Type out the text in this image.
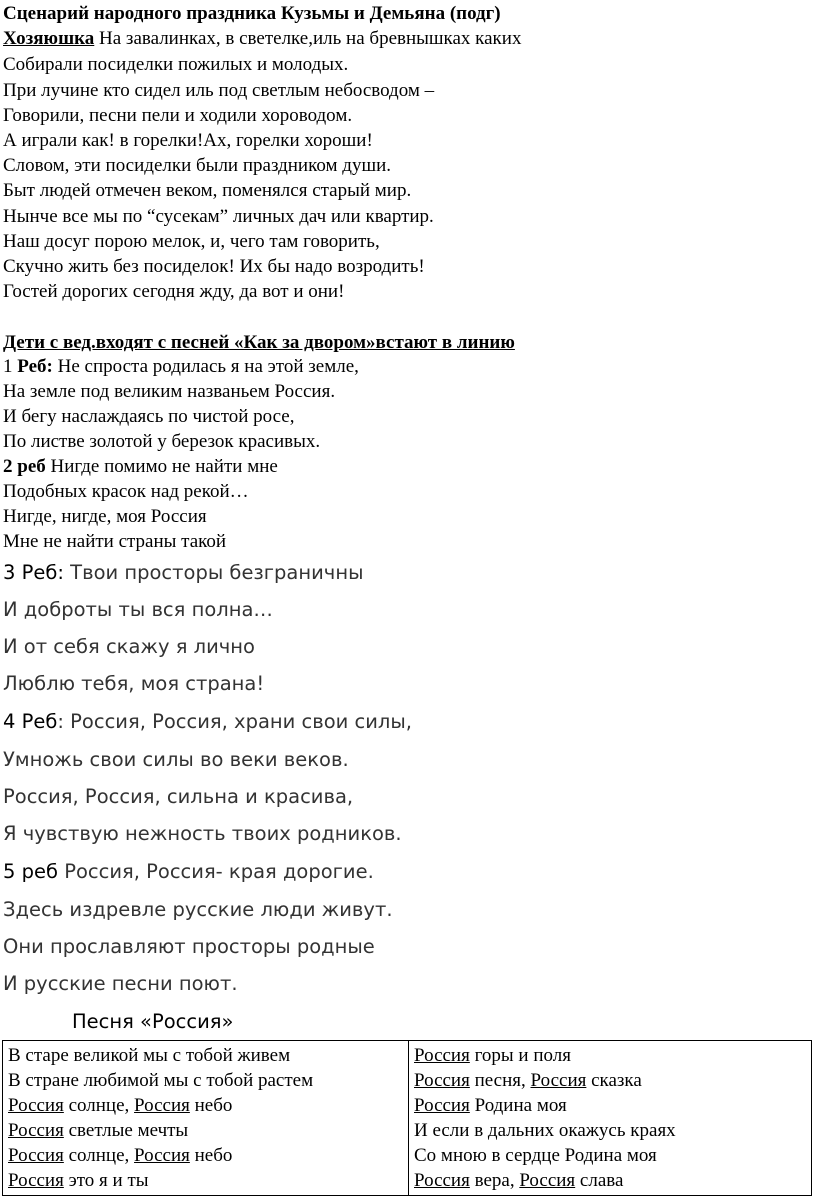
Сценарий народного праздника Кузьмы и Демьяна (подг)
Хозяюшка На завалинках, в светелке,иль на бревнышках каких
Собирали посиделки пожилых и молодых.
При лучине кто сидел иль под светлым небосводом –
Говорили, песни пели и ходили хороводом.
А играли как! в горелки!Ах, горелки хороши!
Словом, эти посиделки были праздником души.
Быт людей отмечен веком, поменялся старый мир.
Нынче все мы по “сусекам” личных дач или квартир.
Наш досуг порою мелок, и, чего там говорить,
Скучно жить без посиделок! Их бы надо возродить!
Гостей дорогих сегодня жду, да вот и они!
Дети с вед.входят с песней «Как за двором»встают в линию
1 Реб: Не спроста родилась я на этой земле,
На земле под великим названьем Россия.
И бегу наслаждаясь по чистой росе,
По листве золотой у березок красивых.
2 реб Нигде помимо не найти мне
Подобных красок над рекой…
Нигде, нигде, моя Россия
Мне не найти страны такой
3 Реб: Твои просторы безграничны
И доброты ты вся полна…
И от себя скажу я лично
Люблю тебя, моя страна!
4 Реб: Россия, Россия, храни свои силы,
Умножь свои силы во веки веков.
Россия, Россия, сильна и красива,
Я чувствую нежность твоих родников.
5 реб Россия, Россия- края дорогие.
Здесь издревле русские люди живут.
Они прославляют просторы родные
И русские песни поют.
Песня «Россия»
В старе великой мы с тобой живем
В стране любимой мы с тобой растем
Россия солнце, Россия небо
Россия светлые мечты
Россия солнце, Россия небо
Россия это я и ты

Россия горы и поля
Россия песня, Россия сказка
Россия Родина моя
И если в дальних окажусь краях
Со мною в сердце Родина моя
Россия вера, Россия слава
